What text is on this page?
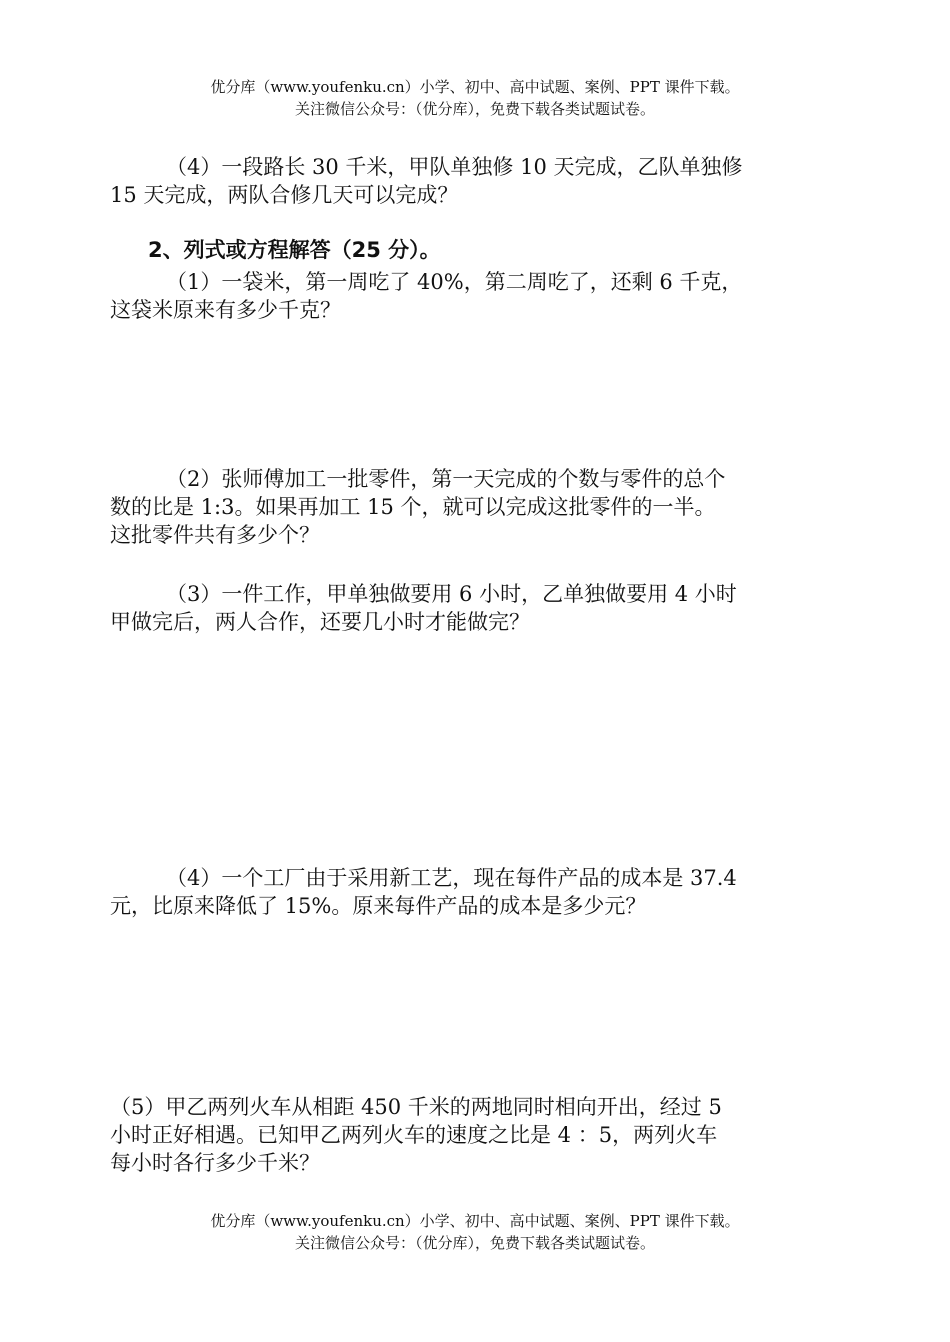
优分库（www.youfenku.cn）小学、初中、高中试题、案例、PPT 课件下载。
关注微信公众号：（优分库），免费下载各类试题试卷。
（4）一段路长 30 千米，甲队单独修 10 天完成，乙队单独修
15 天完成，两队合修几天可以完成？
2、列式或方程解答（25 分）。
（1）一袋米，第一周吃了 40%，第二周吃了，还剩 6 千克，
这袋米原来有多少千克？
（2）张师傅加工一批零件，第一天完成的个数与零件的总个
数的比是 1:3。如果再加工 15 个，就可以完成这批零件的一半。
这批零件共有多少个？
（3）一件工作，甲单独做要用 6 小时，乙单独做要用 4 小时
甲做完后，两人合作，还要几小时才能做完？
（4）一个工厂由于采用新工艺，现在每件产品的成本是 37.4
元，比原来降低了 15%。原来每件产品的成本是多少元？
（5）甲乙两列火车从相距 450 千米的两地同时相向开出，经过 5
小时正好相遇。已知甲乙两列火车的速度之比是 4 ：5，两列火车
每小时各行多少千米？
优分库（www.youfenku.cn）小学、初中、高中试题、案例、PPT 课件下载。
关注微信公众号：（优分库），免费下载各类试题试卷。
